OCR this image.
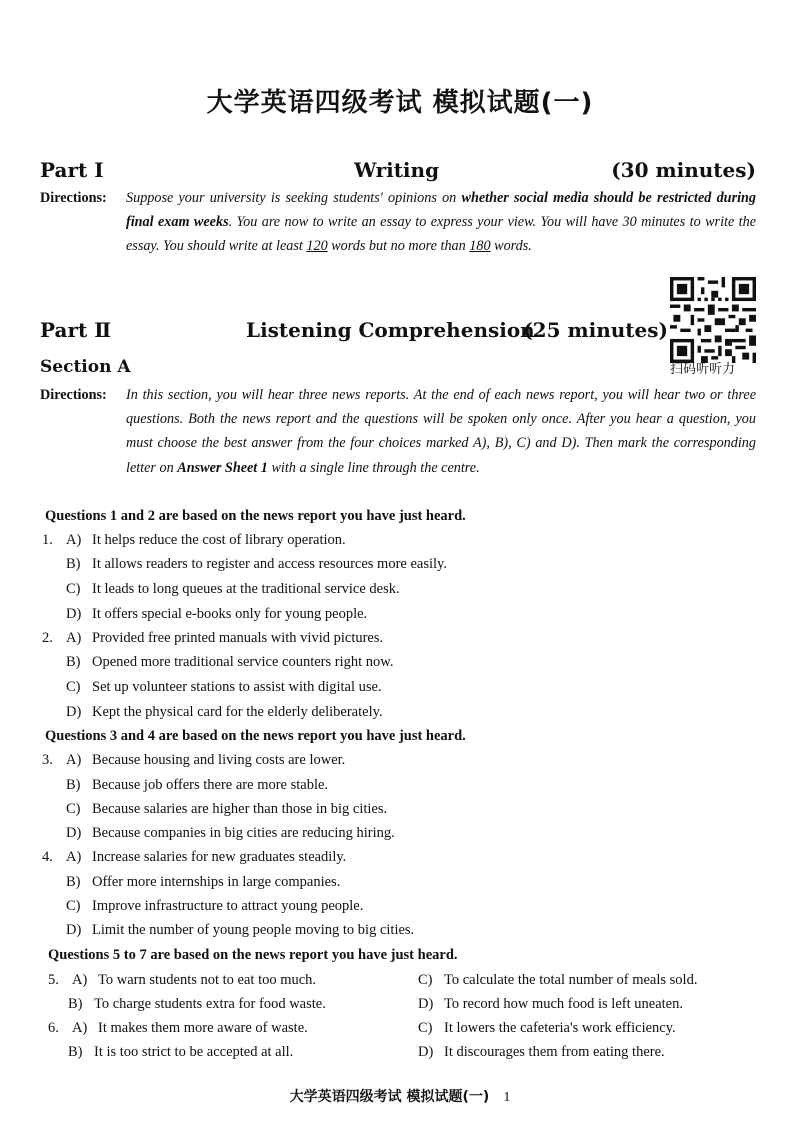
大学英语四级考试 模拟试题(一)
Part Ⅰ	Writing	(30 minutes)
Directions: Suppose your university is seeking students' opinions on whether social media should be restricted during final exam weeks. You are now to write an essay to express your view. You will have 30 minutes to write the essay. You should write at least 120 words but no more than 180 words.
扫码听听力
Part Ⅱ	Listening Comprehension
(25 minutes)
Section A
Directions: In this section, you will hear three news reports. At the end of each news report, you will hear two or three questions. Both the news report and the questions will be spoken only once. After you hear a question, you must choose the best answer from the four choices marked A), B), C) and D). Then mark the corresponding letter on Answer Sheet 1 with a single line through the centre.
Questions 1 and 2 are based on the news report you have just heard.
1. A) It helps reduce the cost of library operation.
B) It allows readers to register and access resources more easily.
C) It leads to long queues at the traditional service desk.
D) It offers special e-books only for young people.
2. A) Provided free printed manuals with vivid pictures.
B) Opened more traditional service counters right now.
C) Set up volunteer stations to assist with digital use.
D) Kept the physical card for the elderly deliberately.
Questions 3 and 4 are based on the news report you have just heard.
3. A) Because housing and living costs are lower.
B) Because job offers there are more stable.
C) Because salaries are higher than those in big cities.
D) Because companies in big cities are reducing hiring.
4. A) Increase salaries for new graduates steadily.
B) Offer more internships in large companies.
C) Improve infrastructure to attract young people.
D) Limit the number of young people moving to big cities.
Questions 5 to 7 are based on the news report you have just heard.
5. A) To warn students not to eat too much.	C) To calculate the total number of meals sold.
B) To charge students extra for food waste.	D) To record how much food is left uneaten.
6. A) It makes them more aware of waste.	C) It lowers the cafeteria's work efficiency.
B) It is too strict to be accepted at all.	D) It discourages them from eating there.
大学英语四级考试 模拟试题(一) 1
